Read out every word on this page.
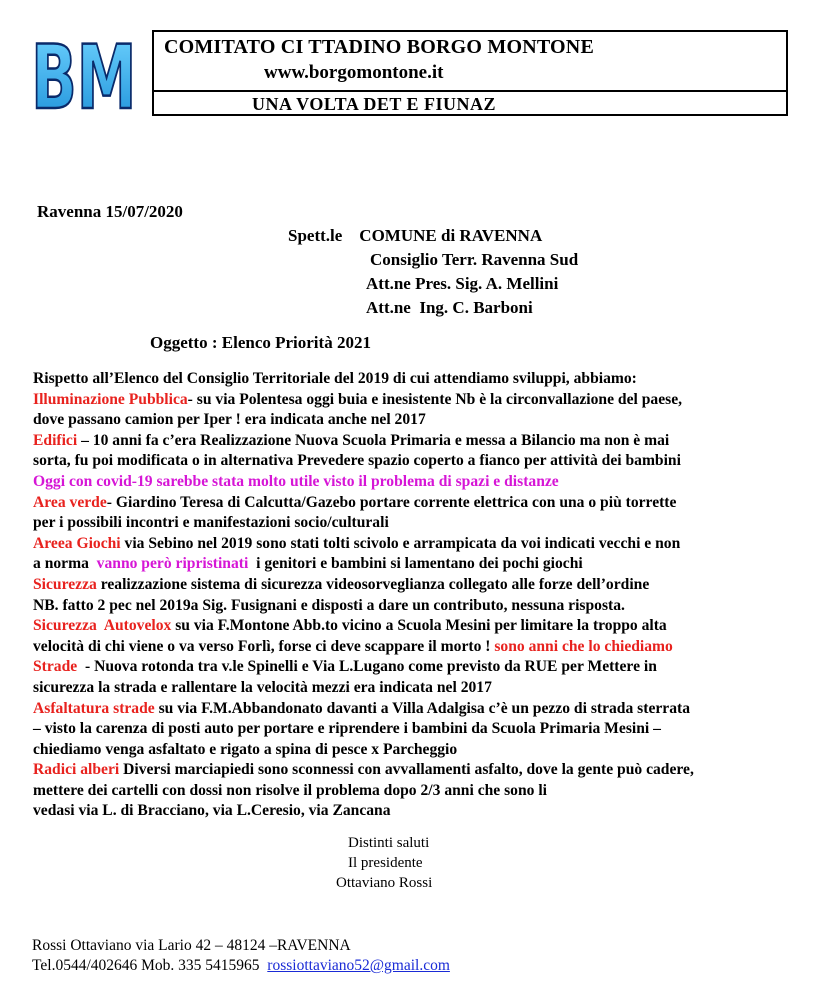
BM COMITATO CI TTADINO BORGO MONTONE
www.borgomontone.it
UNA VOLTA DET E FIUNAZ
Ravenna 15/07/2020
Spett.le    COMUNE di RAVENNA
Consiglio Terr. Ravenna Sud
Att.ne Pres. Sig. A. Mellini
Att.ne  Ing. C. Barboni
Oggetto : Elenco Priorità 2021
Rispetto all’Elenco del Consiglio Territoriale del 2019 di cui attendiamo sviluppi, abbiamo:
Illuminazione Pubblica- su via Polentesa oggi buia e inesistente Nb è la circonvallazione del paese,
dove passano camion per Iper ! era indicata anche nel 2017
Edifici – 10 anni fa c’era Realizzazione Nuova Scuola Primaria e messa a Bilancio ma non è mai
sorta, fu poi modificata o in alternativa Prevedere spazio coperto a fianco per attività dei bambini
Oggi con covid-19 sarebbe stata molto utile visto il problema di spazi e distanze
Area verde- Giardino Teresa di Calcutta/Gazebo portare corrente elettrica con una o più torrette
per i possibili incontri e manifestazioni socio/culturali
Areea Giochi via Sebino nel 2019 sono stati tolti scivolo e arrampicata da voi indicati vecchi e non
a norma  vanno però ripristinati  i genitori e bambini si lamentano dei pochi giochi
Sicurezza realizzazione sistema di sicurezza videosorveglianza collegato alle forze dell’ordine
NB. fatto 2 pec nel 2019a Sig. Fusignani e disposti a dare un contributo, nessuna risposta.
Sicurezza  Autovelox su via F.Montone Abb.to vicino a Scuola Mesini per limitare la troppo alta
velocità di chi viene o va verso Forlì, forse ci deve scappare il morto ! sono anni che lo chiediamo
Strade  - Nuova rotonda tra v.le Spinelli e Via L.Lugano come previsto da RUE per Mettere in
sicurezza la strada e rallentare la velocità mezzi era indicata nel 2017
Asfaltatura strade su via F.M.Abbandonato davanti a Villa Adalgisa c’è un pezzo di strada sterrata
– visto la carenza di posti auto per portare e riprendere i bambini da Scuola Primaria Mesini –
chiediamo venga asfaltato e rigato a spina di pesce x Parcheggio
Radici alberi Diversi marciapiedi sono sconnessi con avvallamenti asfalto, dove la gente può cadere,
mettere dei cartelli con dossi non risolve il problema dopo 2/3 anni che sono li
vedasi via L. di Bracciano, via L.Ceresio, via Zancana
Distinti saluti
Il presidente
Ottaviano Rossi
Rossi Ottaviano via Lario 42 – 48124 –RAVENNA
Tel.0544/402646 Mob. 335 5415965  rossiottaviano52@gmail.com
